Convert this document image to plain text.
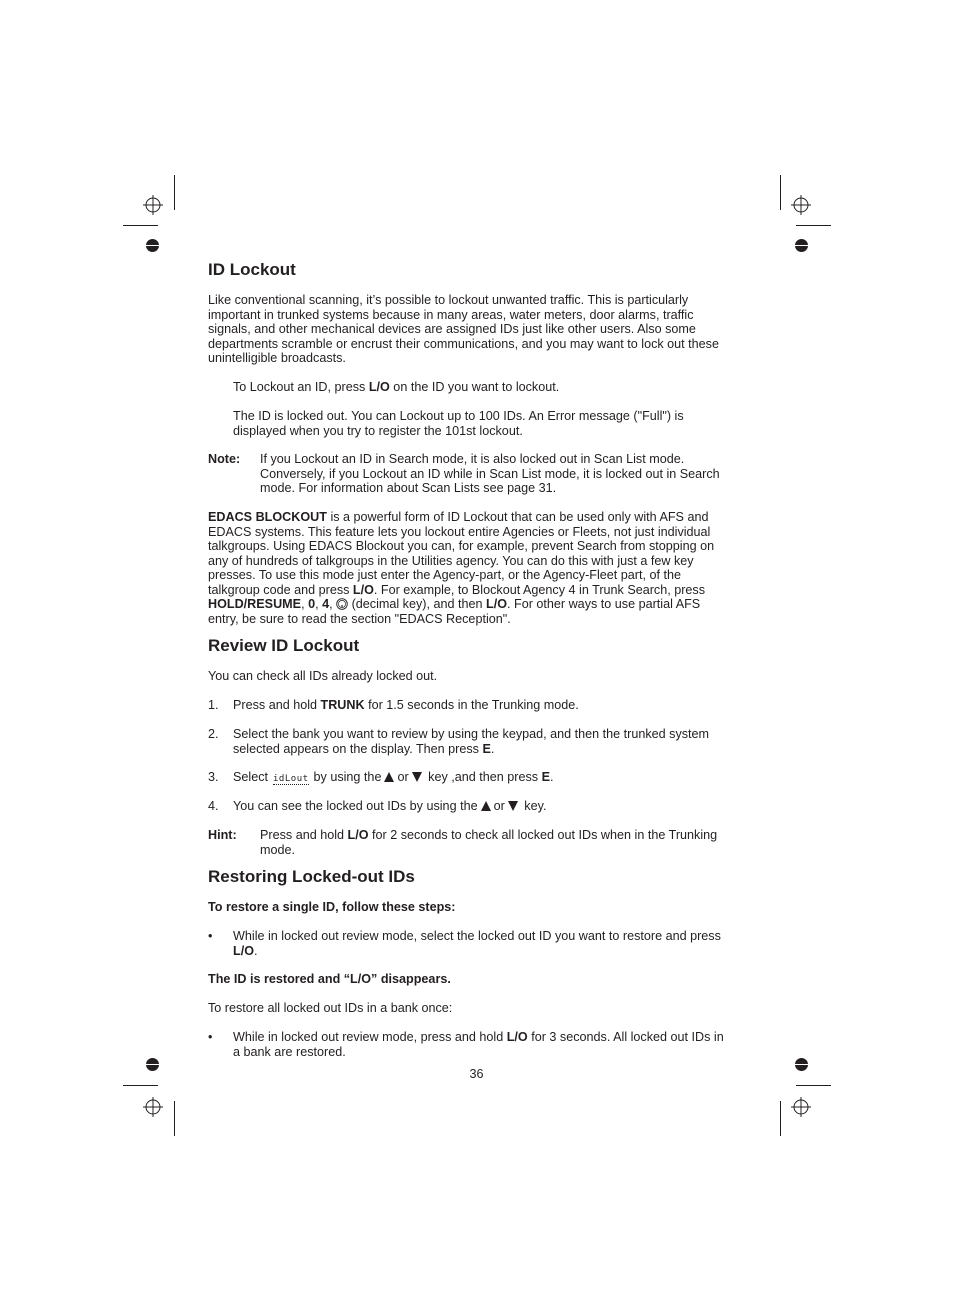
ID Lockout

Like conventional scanning, it’s possible to lockout unwanted traffic. This is particularly

important in trunked systems because in many areas, water meters, door alarms, traffic

signals, and other mechanical devices are assigned IDs just like other users. Also some

departments scramble or encrust their communications, and you may want to lock out these

unintelligible broadcasts.

To Lockout an ID, press L/O on the ID you want to lockout.

The ID is locked out. You can Lockout up to 100 IDs. An Error message ("Full") is

displayed when you try to register the 101st lockout.

Note: If you Lockout an ID in Search mode, it is also locked out in Scan List mode.

Conversely, if you Lockout an ID while in Scan List mode, it is locked out in Search

mode. For information about Scan Lists see page 31.

EDACS BLOCKOUT is a powerful form of ID Lockout that can be used only with AFS and

EDACS systems. This feature lets you lockout entire Agencies or Fleets, not just individual

talkgroups. Using EDACS Blockout you can, for example, prevent Search from stopping on

any of hundreds of talkgroups in the Utilities agency. You can do this with just a few key

presses. To use this mode just enter the Agency-part, or the Agency-Fleet part, of the

talkgroup code and press L/O. For example, to Blockout Agency 4 in Trunk Search, press

HOLD/RESUME, 0, 4,  (decimal key), and then L/O. For other ways to use partial AFS

entry, be sure to read the section "EDACS Reception".

Review ID Lockout

You can check all IDs already locked out.

1. Press and hold TRUNK for 1.5 seconds in the Trunking mode.

2. Select the bank you want to review by using the keypad, and then the trunked system

selected appears on the display. Then press E.

3. Select idLout by using the or key ,and then press E.

4. You can see the locked out IDs by using the or key.

Hint: Press and hold L/O for 2 seconds to check all locked out IDs when in the Trunking

mode.

Restoring Locked-out IDs

To restore a single ID, follow these steps:

• While in locked out review mode, select the locked out ID you want to restore and press

L/O.

The ID is restored and “L/O” disappears.

To restore all locked out IDs in a bank once:

• While in locked out review mode, press and hold L/O for 3 seconds. All locked out IDs in

a bank are restored.

36
